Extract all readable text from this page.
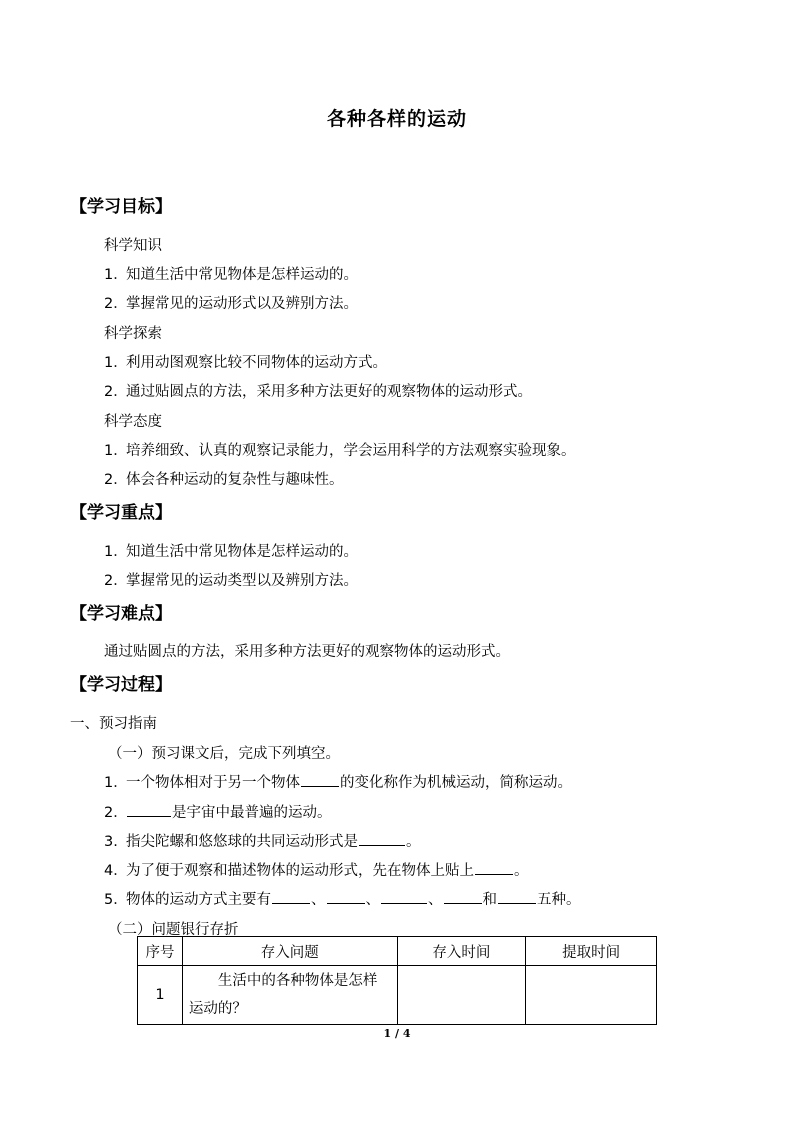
各种各样的运动
【学习目标】
科学知识
1．知道生活中常见物体是怎样运动的。
2．掌握常见的运动形式以及辨别方法。
科学探索
1．利用动图观察比较不同物体的运动方式。
2．通过贴圆点的方法，采用多种方法更好的观察物体的运动形式。
科学态度
1．培养细致、认真的观察记录能力，学会运用科学的方法观察实验现象。
2．体会各种运动的复杂性与趣味性。
【学习重点】
1．知道生活中常见物体是怎样运动的。
2．掌握常见的运动类型以及辨别方法。
【学习难点】
通过贴圆点的方法，采用多种方法更好的观察物体的运动形式。
【学习过程】
一、预习指南
（一）预习课文后，完成下列填空。
1．一个物体相对于另一个物体	的变化称作为机械运动，简称运动。
2．	是宇宙中最普遍的运动。
3. 指尖陀螺和悠悠球的共同运动形式是	。
4．为了便于观察和描述物体的运动形式，先在物体上贴上	。
5．物体的运动方式主要有	、	、	、	和	五种。
（二）问题银行存折
序号	存入问题	存入时间	提取时间
1	生活中的各种物体是怎样运动的？		

1 / 4
